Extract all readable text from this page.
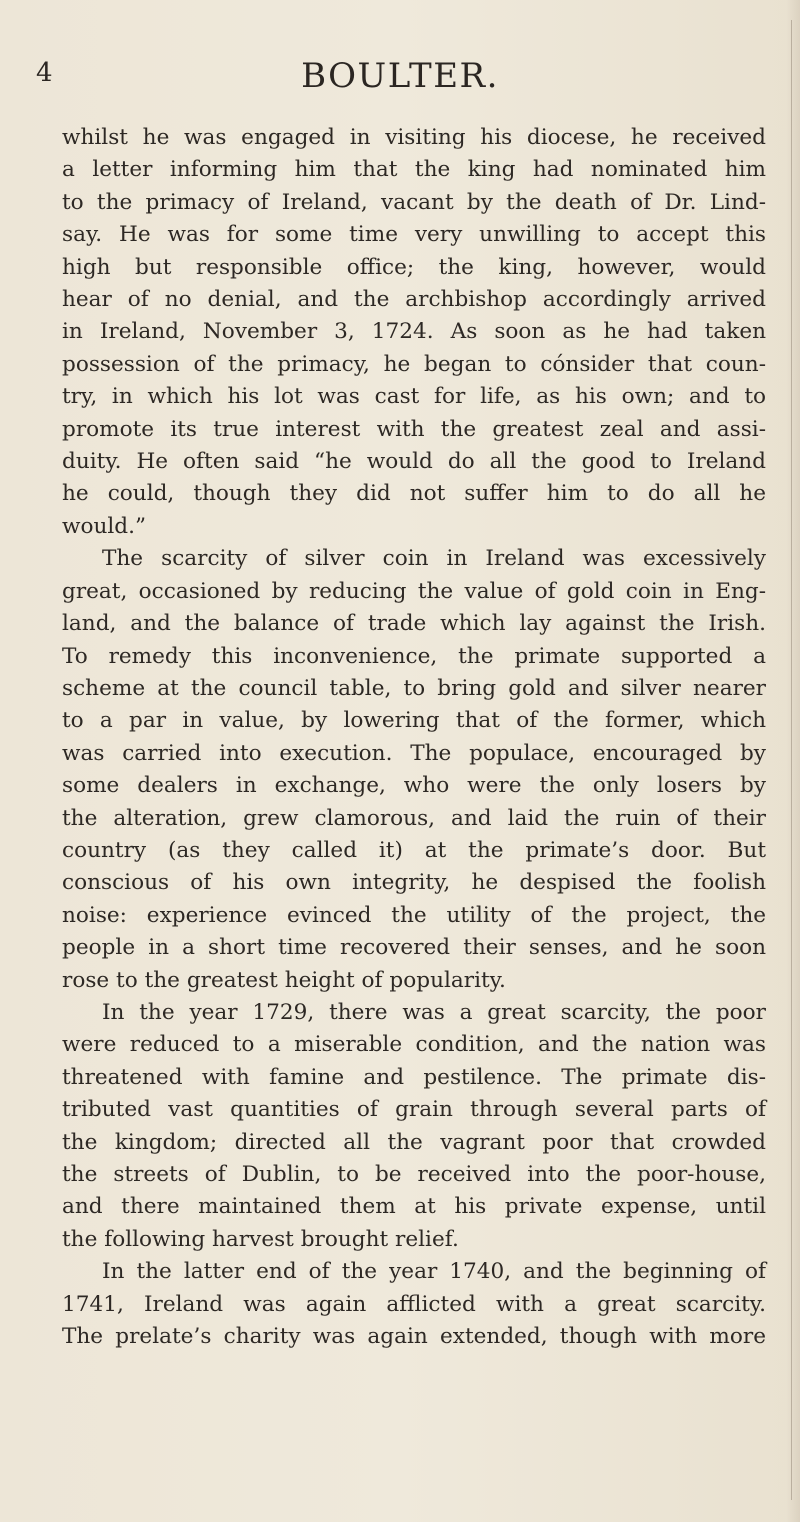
4	BOULTER.
whilst he was engaged in visiting his diocese, he received
a letter informing him that the king had nominated him
to the primacy of Ireland, vacant by the death of Dr. Lind-
say. He was for some time very unwilling to accept this
high but responsible office; the king, however, would
hear of no denial, and the archbishop accordingly arrived
in Ireland, November 3, 1724. As soon as he had taken
possession of the primacy, he began to cónsider that coun-
try, in which his lot was cast for life, as his own; and to
promote its true interest with the greatest zeal and assi-
duity. He often said “he would do all the good to Ireland
he could, though they did not suffer him to do all he
would.”
The scarcity of silver coin in Ireland was excessively
great, occasioned by reducing the value of gold coin in Eng-
land, and the balance of trade which lay against the Irish.
To remedy this inconvenience, the primate supported a
scheme at the council table, to bring gold and silver nearer
to a par in value, by lowering that of the former, which
was carried into execution. The populace, encouraged by
some dealers in exchange, who were the only losers by
the alteration, grew clamorous, and laid the ruin of their
country (as they called it) at the primate’s door. But
conscious of his own integrity, he despised the foolish
noise: experience evinced the utility of the project, the
people in a short time recovered their senses, and he soon
rose to the greatest height of popularity.
In the year 1729, there was a great scarcity, the poor
were reduced to a miserable condition, and the nation was
threatened with famine and pestilence. The primate dis-
tributed vast quantities of grain through several parts of
the kingdom; directed all the vagrant poor that crowded
the streets of Dublin, to be received into the poor-house,
and there maintained them at his private expense, until
the following harvest brought relief.
In the latter end of the year 1740, and the beginning of
1741, Ireland was again afflicted with a great scarcity.
The prelate’s charity was again extended, though with more
